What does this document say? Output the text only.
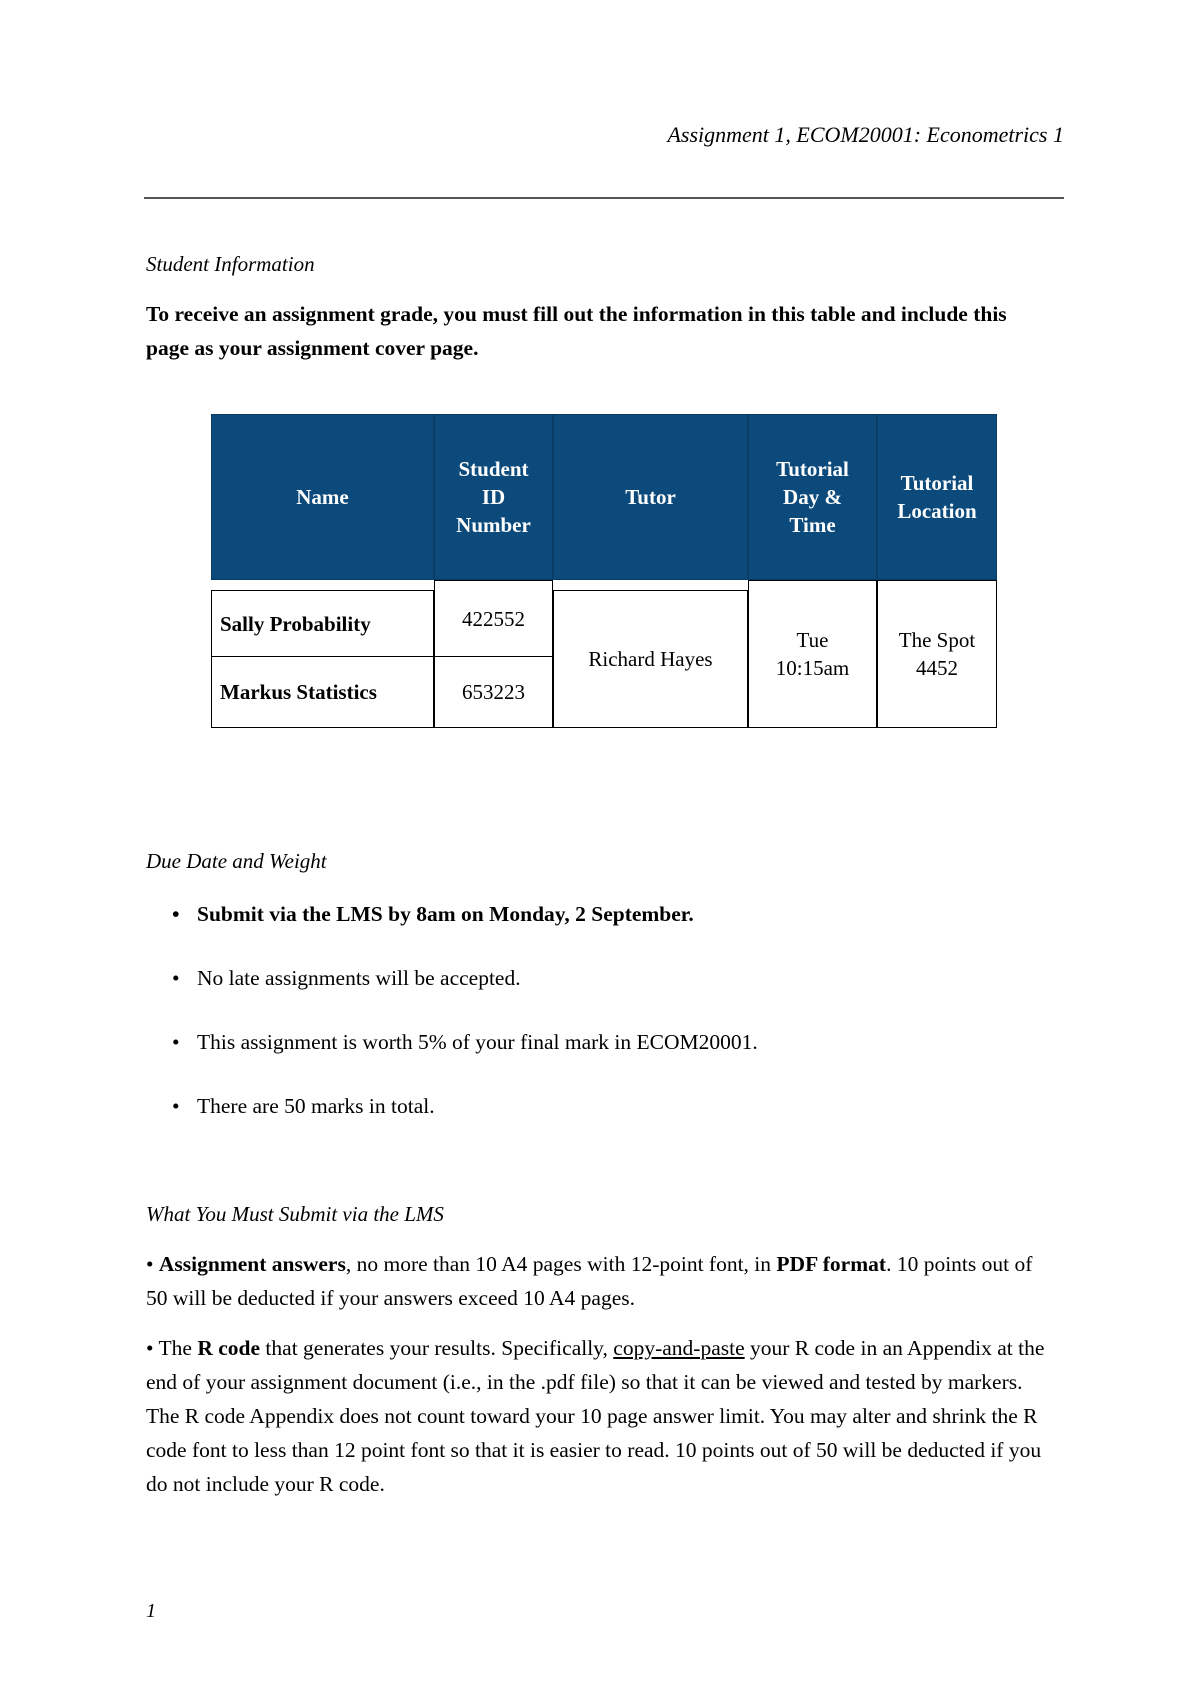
Assignment 1, ECOM20001: Econometrics 1
Student Information
To receive an assignment grade, you must fill out the information in this table and include this page as your assignment cover page.
Name
Student
ID
Number
Tutor
Tutorial
Day &
Time
Tutorial
Location
Sally Probability
Markus Statistics
422552
653223
Richard Hayes
Tue
10:15am
The Spot
4452
Due Date and Weight
• Submit via the LMS by 8am on Monday, 2 September.
• No late assignments will be accepted.
• This assignment is worth 5% of your final mark in ECOM20001.
• There are 50 marks in total.
What You Must Submit via the LMS
• Assignment answers, no more than 10 A4 pages with 12-point font, in PDF format. 10 points out of 50 will be deducted if your answers exceed 10 A4 pages.
• The R code that generates your results. Specifically, copy-and-paste your R code in an Appendix at the end of your assignment document (i.e., in the .pdf file) so that it can be viewed and tested by markers. The R code Appendix does not count toward your 10 page answer limit. You may alter and shrink the R code font to less than 12 point font so that it is easier to read. 10 points out of 50 will be deducted if you do not include your R code.
1
